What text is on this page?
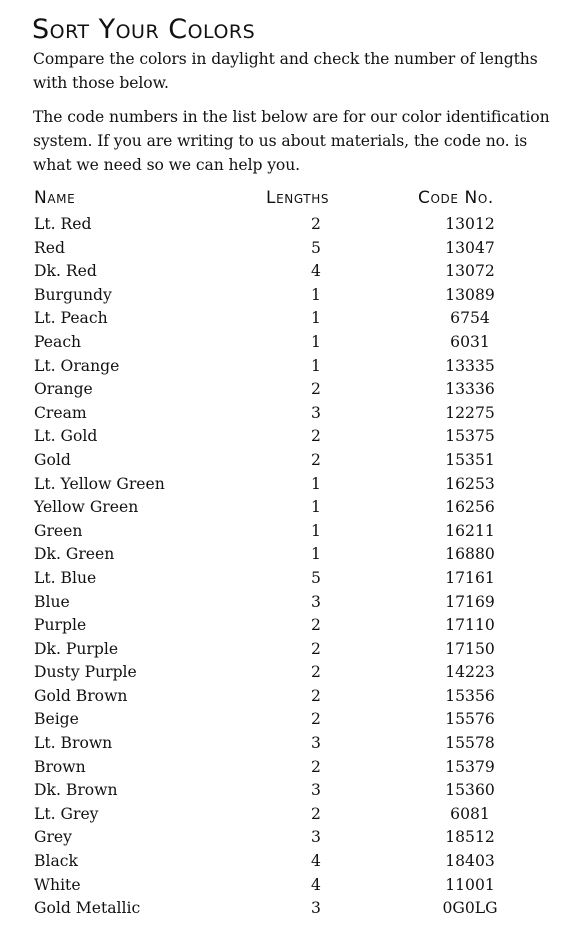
Sort Your Colors

Compare the colors in daylight and check the number of lengths with those below.

The code numbers in the list below are for our color identification system. If you are writing to us about materials, the code no. is what we need so we can help you.

Name	Lengths	Code No.
Lt. Red	2	13012
Red	5	13047
Dk. Red	4	13072
Burgundy	1	13089
Lt. Peach	1	6754
Peach	1	6031
Lt. Orange	1	13335
Orange	2	13336
Cream	3	12275
Lt. Gold	2	15375
Gold	2	15351
Lt. Yellow Green	1	16253
Yellow Green	1	16256
Green	1	16211
Dk. Green	1	16880
Lt. Blue	5	17161
Blue	3	17169
Purple	2	17110
Dk. Purple	2	17150
Dusty Purple	2	14223
Gold Brown	2	15356
Beige	2	15576
Lt. Brown	3	15578
Brown	2	15379
Dk. Brown	3	15360
Lt. Grey	2	6081
Grey	3	18512
Black	4	18403
White	4	11001
Gold Metallic	3	0G0LG
